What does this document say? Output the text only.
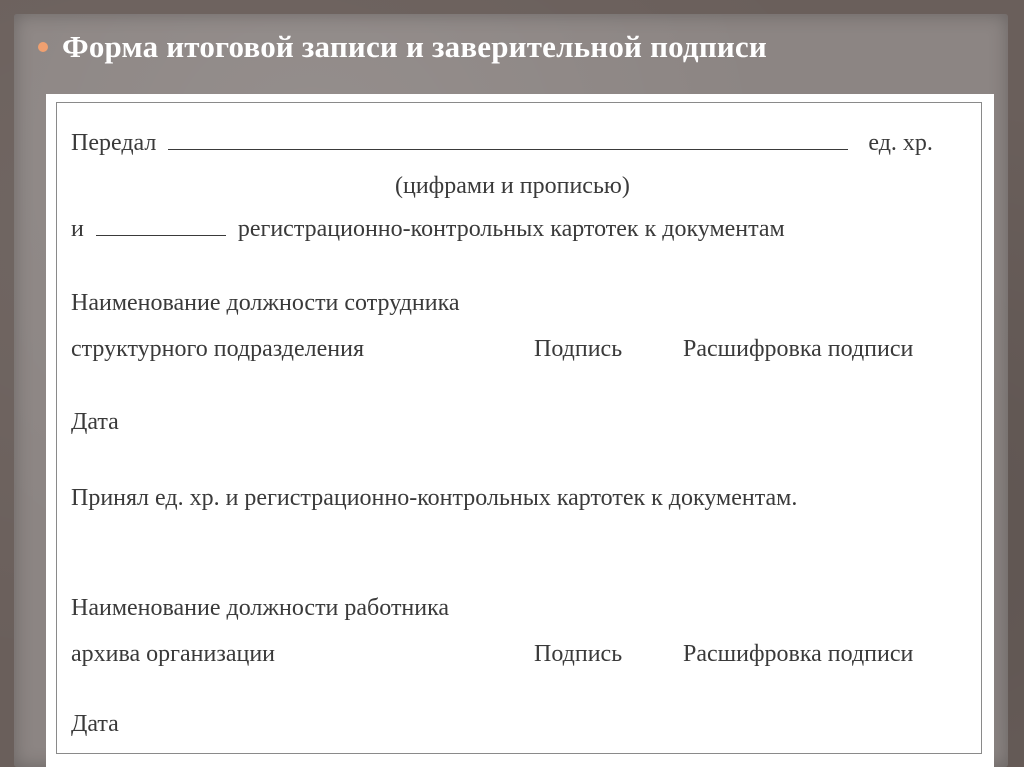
Форма итоговой записи и заверительной подписи
Передал	ед. хр.
(цифрами и прописью)
и	регистрационно-контрольных картотек к документам
Наименование должности сотрудника
структурного подразделения	Подпись	Расшифровка подписи
Дата
Принял ед. хр. и регистрационно-контрольных картотек к документам.
Наименование должности работника
архива организации	Подпись	Расшифровка подписи
Дата
